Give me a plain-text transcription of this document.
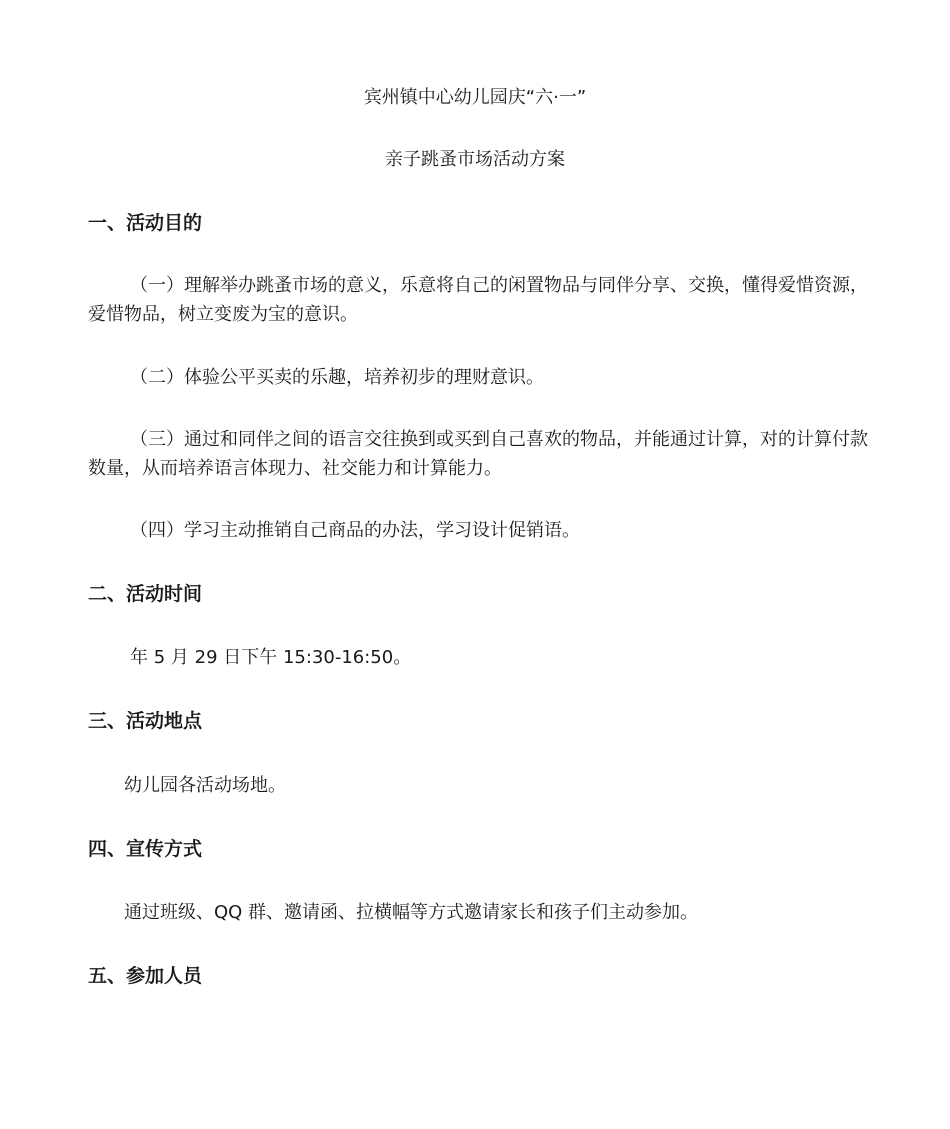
宾州镇中心幼儿园庆“六·一”
亲子跳蚤市场活动方案
一、活动目的
（一）理解举办跳蚤市场的意义，乐意将自己的闲置物品与同伴分享、交换，懂得爱惜资源，爱惜物品，树立变废为宝的意识。
（二）体验公平买卖的乐趣，培养初步的理财意识。
（三）通过和同伴之间的语言交往换到或买到自己喜欢的物品，并能通过计算，对的计算付款数量，从而培养语言体现力、社交能力和计算能力。
（四）学习主动推销自己商品的办法，学习设计促销语。
二、活动时间
年 5 月 29 日下午 15:30-16:50。
三、活动地点
幼儿园各活动场地。
四、宣传方式
通过班级、QQ 群、邀请函、拉横幅等方式邀请家长和孩子们主动参加。
五、参加人员
